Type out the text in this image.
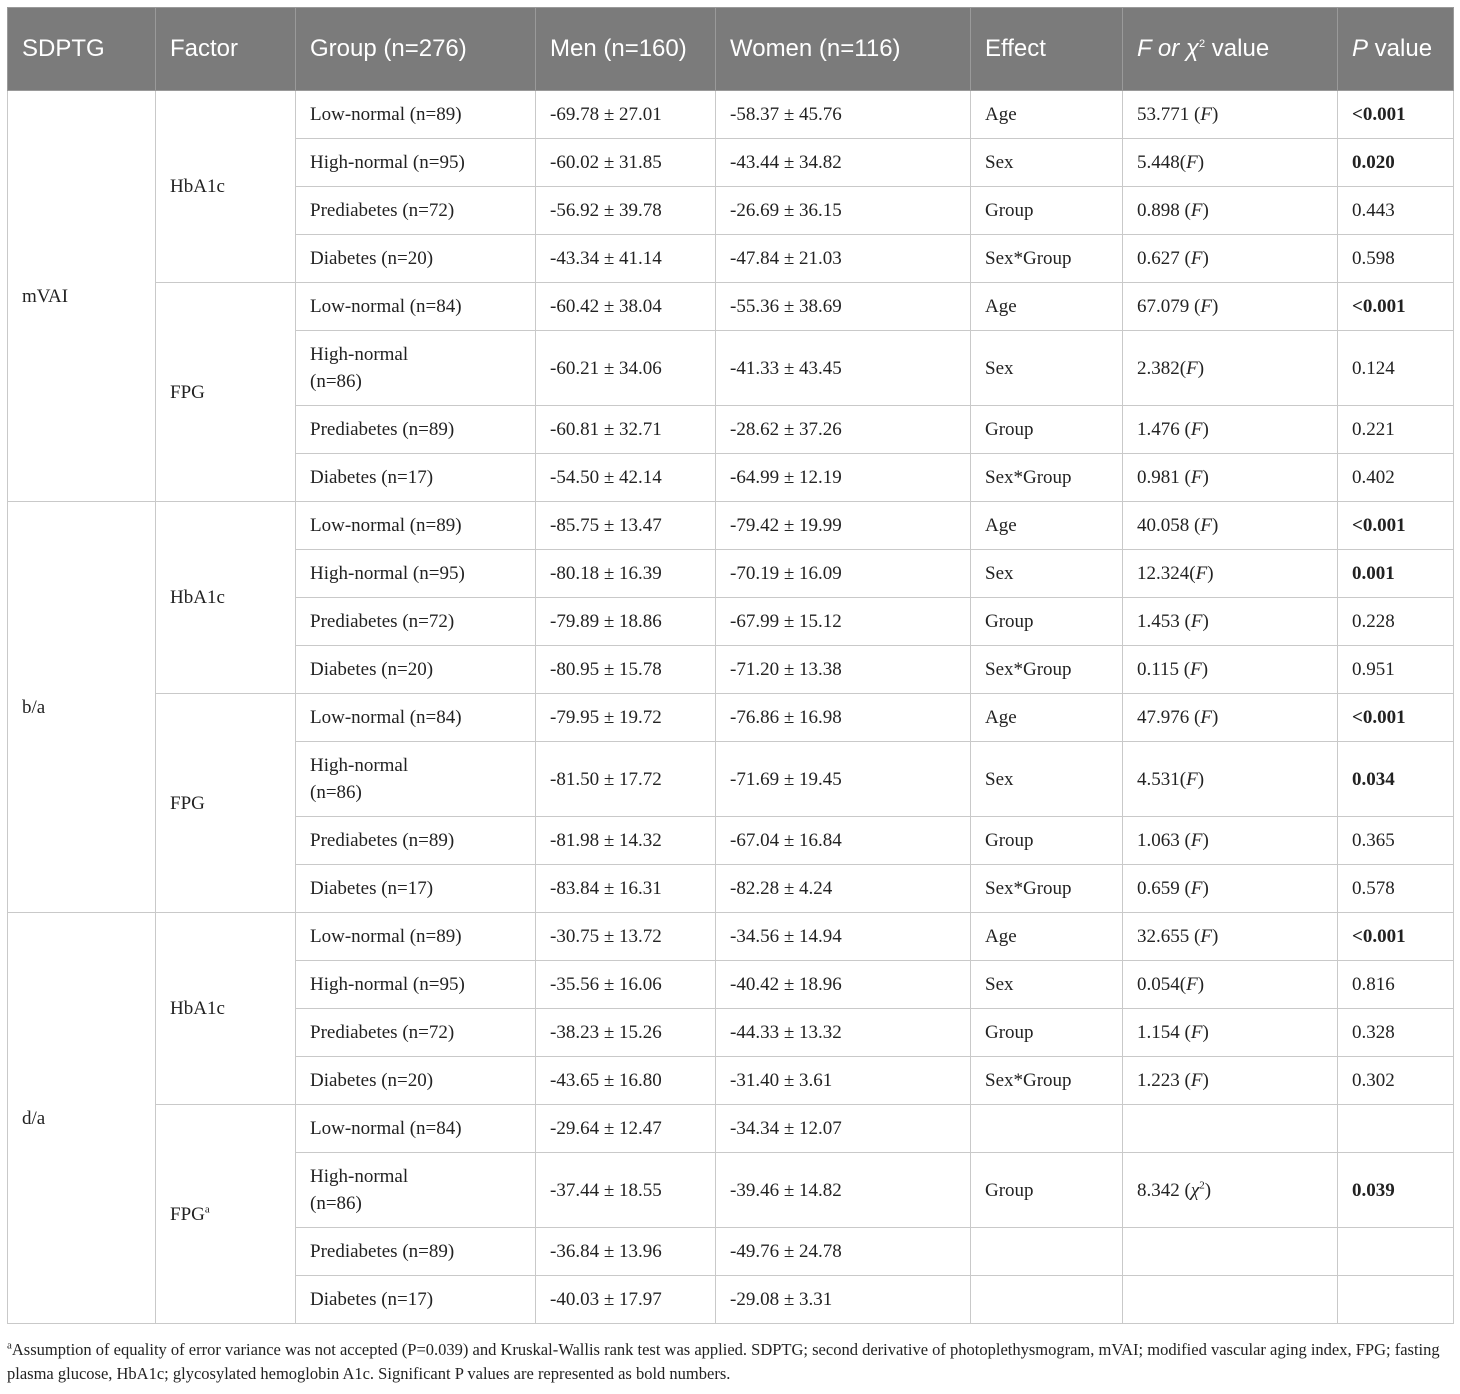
SDPTG	Factor	Group (n=276)	Men (n=160)	Women (n=116)	Effect	F or $\chi^2$ value	P value
mVAI	HbA1c	Low-normal (n=89)	-69.78 ± 27.01	-58.37 ± 45.76	Age	53.771 (F)	<0.001
		High-normal (n=95)	-60.02 ± 31.85	-43.44 ± 34.82	Sex	5.448(F)	0.020
		Prediabetes (n=72)	-56.92 ± 39.78	-26.69 ± 36.15	Group	0.898 (F)	0.443
		Diabetes (n=20)	-43.34 ± 41.14	-47.84 ± 21.03	Sex*Group	0.627 (F)	0.598
	FPG	Low-normal (n=84)	-60.42 ± 38.04	-55.36 ± 38.69	Age	67.079 (F)	<0.001
		High-normal
(n=86)	-60.21 ± 34.06	-41.33 ± 43.45	Sex	2.382(F)	0.124
		Prediabetes (n=89)	-60.81 ± 32.71	-28.62 ± 37.26	Group	1.476 (F)	0.221
		Diabetes (n=17)	-54.50 ± 42.14	-64.99 ± 12.19	Sex*Group	0.981 (F)	0.402
b/a	HbA1c	Low-normal (n=89)	-85.75 ± 13.47	-79.42 ± 19.99	Age	40.058 (F)	<0.001
		High-normal (n=95)	-80.18 ± 16.39	-70.19 ± 16.09	Sex	12.324(F)	0.001
		Prediabetes (n=72)	-79.89 ± 18.86	-67.99 ± 15.12	Group	1.453 (F)	0.228
		Diabetes (n=20)	-80.95 ± 15.78	-71.20 ± 13.38	Sex*Group	0.115 (F)	0.951
	FPG	Low-normal (n=84)	-79.95 ± 19.72	-76.86 ± 16.98	Age	47.976 (F)	<0.001
		High-normal
(n=86)	-81.50 ± 17.72	-71.69 ± 19.45	Sex	4.531(F)	0.034
		Prediabetes (n=89)	-81.98 ± 14.32	-67.04 ± 16.84	Group	1.063 (F)	0.365
		Diabetes (n=17)	-83.84 ± 16.31	-82.28 ± 4.24	Sex*Group	0.659 (F)	0.578
d/a	HbA1c	Low-normal (n=89)	-30.75 ± 13.72	-34.56 ± 14.94	Age	32.655 (F)	<0.001
		High-normal (n=95)	-35.56 ± 16.06	-40.42 ± 18.96	Sex	0.054(F)	0.816
		Prediabetes (n=72)	-38.23 ± 15.26	-44.33 ± 13.32	Group	1.154 (F)	0.328
		Diabetes (n=20)	-43.65 ± 16.80	-31.40 ± 3.61	Sex*Group	1.223 (F)	0.302
	FPG$^a$	Low-normal (n=84)	-29.64 ± 12.47	-34.34 ± 12.07			
		High-normal
(n=86)	-37.44 ± 18.55	-39.46 ± 14.82	Group	8.342 $(\chi^2)$	0.039
		Prediabetes (n=89)	-36.84 ± 13.96	-49.76 ± 24.78			
		Diabetes (n=17)	-40.03 ± 17.97	-29.08 ± 3.31			
$^a$Assumption of equality of error variance was not accepted (P=0.039) and Kruskal-Wallis rank test was applied. SDPTG; second derivative of photoplethysmogram, mVAI; modified vascular aging index, FPG; fasting plasma glucose, HbA1c; glycosylated hemoglobin A1c. Significant P values are represented as bold numbers.
